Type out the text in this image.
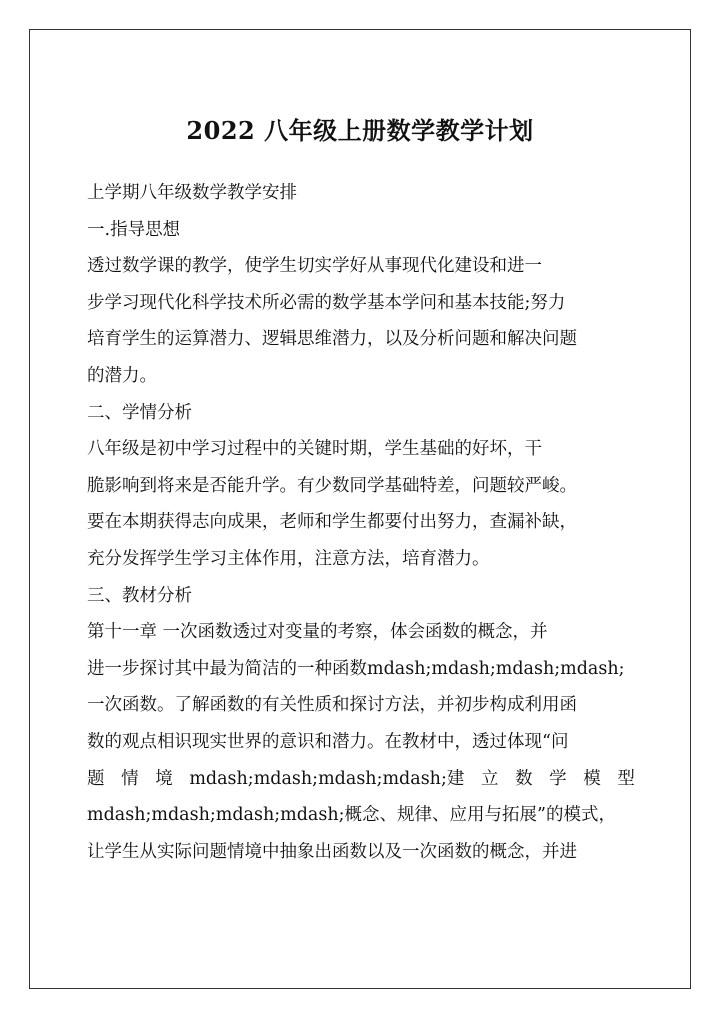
2022 八年级上册数学教学计划

上学期八年级数学教学安排

一.指导思想

透过数学课的教学，使学生切实学好从事现代化建设和进一

步学习现代化科学技术所必需的数学基本学问和基本技能;努力

培育学生的运算潜力、逻辑思维潜力，以及分析问题和解决问题

的潜力。

二、学情分析

八年级是初中学习过程中的关键时期，学生基础的好坏，干

脆影响到将来是否能升学。有少数同学基础特差，问题较严峻。

要在本期获得志向成果，老师和学生都要付出努力，查漏补缺，

充分发挥学生学习主体作用，注意方法，培育潜力。

三、教材分析

第十一章 一次函数透过对变量的考察，体会函数的概念，并

进一步探讨其中最为简洁的一种函数mdash;mdash;mdash;mdash;

一次函数。了解函数的有关性质和探讨方法，并初步构成利用函

数的观点相识现实世界的意识和潜力。在教材中，透过体现“问

题 情 境 mdash;mdash;mdash;mdash;建 立 数 学 模 型

mdash;mdash;mdash;mdash;概念、规律、应用与拓展”的模式，

让学生从实际问题情境中抽象出函数以及一次函数的概念，并进
